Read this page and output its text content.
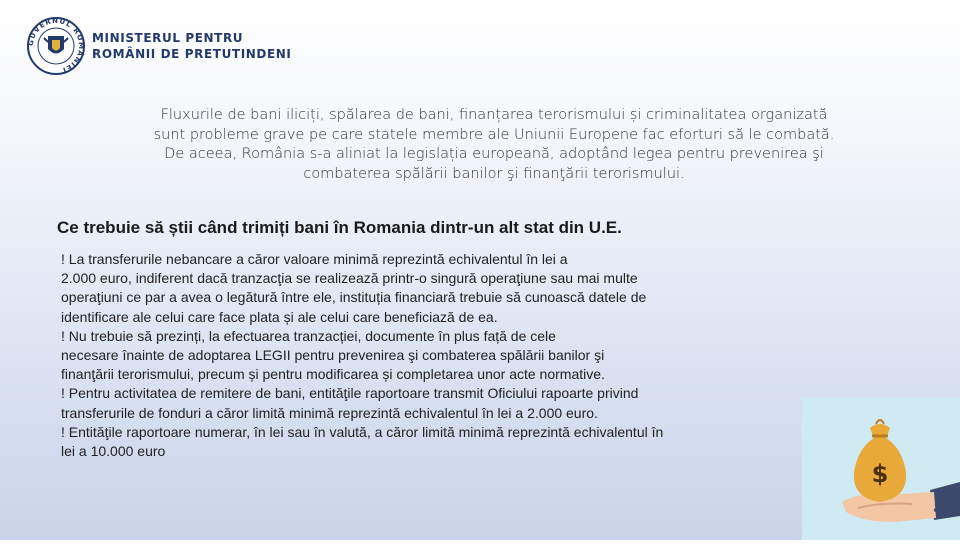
GUVERNUL ROMÂNIEI
MINISTERUL PENTRU
ROMÂNII DE PRETUTINDENI

Fluxurile de bani iliciți, spălarea de bani, finanțarea terorismului și criminalitatea organizată

sunt probleme grave pe care statele membre ale Uniunii Europene fac eforturi să le combată.

De aceea, România s-a aliniat la legislația europeană, adoptând legea pentru prevenirea şi

combaterea spălării banilor şi finanţării terorismului.

Ce trebuie să știi când trimiți bani în Romania dintr-un alt stat din U.E.

! La transferurile nebancare a căror valoare minimă reprezintă echivalentul în lei a

2.000 euro, indiferent dacă tranzacţia se realizează printr-o singură operaţiune sau mai multe

operaţiuni ce par a avea o legătură între ele, instituția financiară trebuie să cunoască datele de

identificare ale celui care face plata și ale celui care beneficiază de ea.

! Nu trebuie să prezinți, la efectuarea tranzacției, documente în plus față de cele

necesare înainte de adoptarea LEGII pentru prevenirea şi combaterea spălării banilor şi

finanţării terorismului, precum și pentru modificarea și completarea unor acte normative.

! Pentru activitatea de remitere de bani, entităţile raportoare transmit Oficiului rapoarte privind

transferurile de fonduri a căror limită minimă reprezintă echivalentul în lei a 2.000 euro.

! Entităţile raportoare numerar, în lei sau în valută, a căror limită minimă reprezintă echivalentul în

lei a 10.000 euro

$
